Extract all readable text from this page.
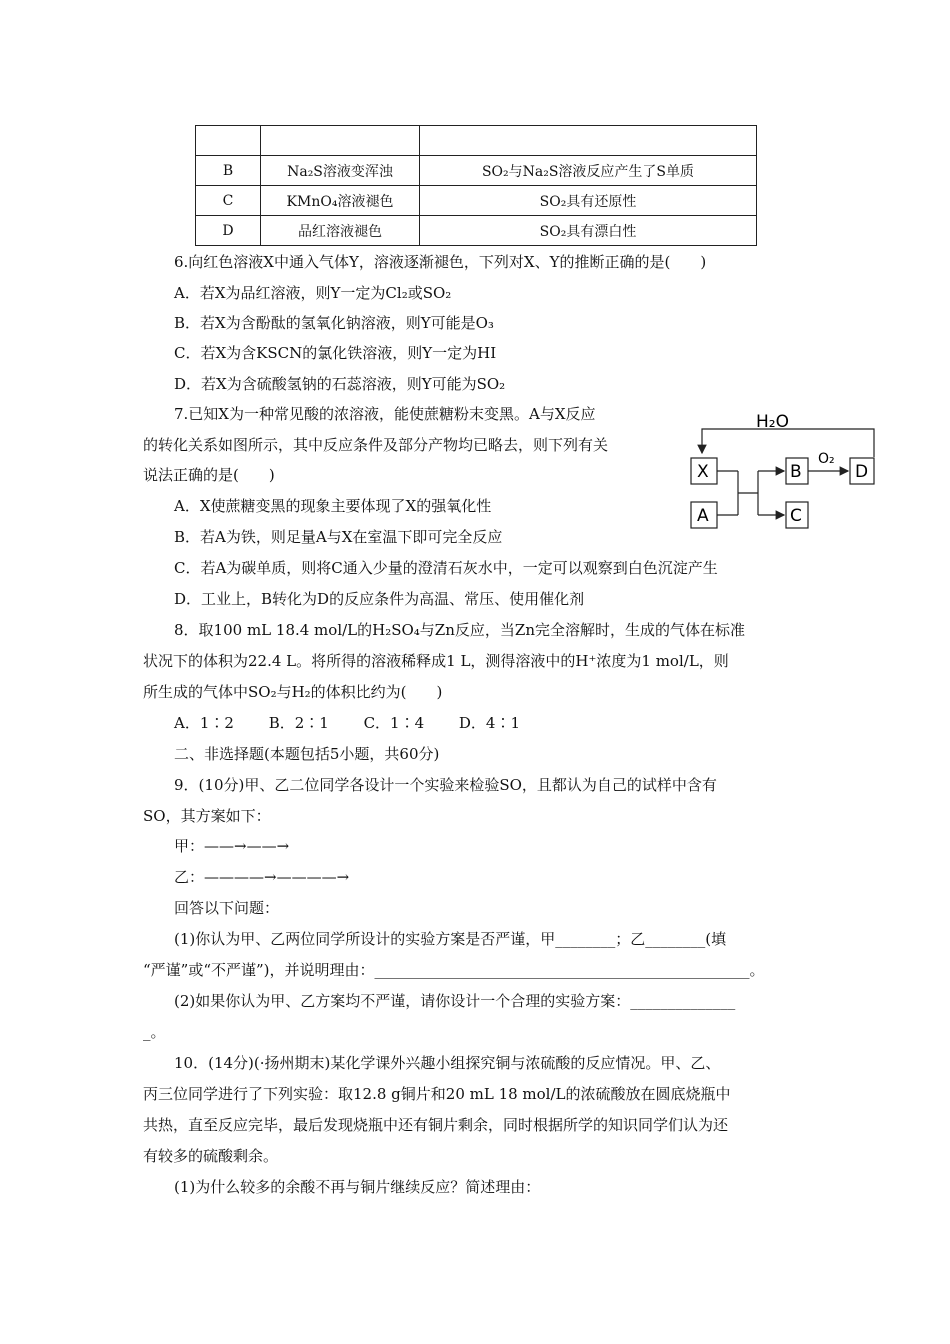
B	Na₂S溶液变浑浊	SO₂与Na₂S溶液反应产生了S单质
C	KMnO₄溶液褪色	SO₂具有还原性
D	品红溶液褪色	SO₂具有漂白性
6.向红色溶液X中通入气体Y，溶液逐渐褪色，下列对X、Y的推断正确的是(　　)
A．若X为品红溶液，则Y一定为Cl₂或SO₂
B．若X为含酚酞的氢氧化钠溶液，则Y可能是O₃
C．若X为含KSCN的氯化铁溶液，则Y一定为HI
D．若X为含硫酸氢钠的石蕊溶液，则Y可能为SO₂
7.已知X为一种常见酸的浓溶液，能使蔗糖粉末变黑。A与X反应
的转化关系如图所示，其中反应条件及部分产物均已略去，则下列有关
说法正确的是(　　)
A．X使蔗糖变黑的现象主要体现了X的强氧化性
B．若A为铁，则足量A与X在室温下即可完全反应
C．若A为碳单质，则将C通入少量的澄清石灰水中，一定可以观察到白色沉淀产生
D．工业上，B转化为D的反应条件为高温、常压、使用催化剂
H₂O
X
A
B
C
O₂
D
8．取100 mL 18.4 mol/L的H₂SO₄与Zn反应，当Zn完全溶解时，生成的气体在标准
状况下的体积为22.4 L。将所得的溶液稀释成1 L，测得溶液中的H⁺浓度为1 mol/L，则
所生成的气体中SO₂与H₂的体积比约为(　　)
A．1∶2　　 B．2∶1　　 C．1∶4　　 D．4∶1
二、非选择题(本题包括5小题，共60分)
9．(10分)甲、乙二位同学各设计一个实验来检验SO，且都认为自己的试样中含有
SO，其方案如下：
甲：——→——→
乙：————→————→
回答以下问题：
(1)你认为甲、乙两位同学所设计的实验方案是否严谨，甲________；乙________(填
“严谨”或“不严谨”)，并说明理由：__________________________________________________。
(2)如果你认为甲、乙方案均不严谨，请你设计一个合理的实验方案：______________
_。
10．(14分)(·扬州期末)某化学课外兴趣小组探究铜与浓硫酸的反应情况。甲、乙、
丙三位同学进行了下列实验：取12.8 g铜片和20 mL 18 mol/L的浓硫酸放在圆底烧瓶中
共热，直至反应完毕，最后发现烧瓶中还有铜片剩余，同时根据所学的知识同学们认为还
有较多的硫酸剩余。
(1)为什么较多的余酸不再与铜片继续反应？简述理由：
